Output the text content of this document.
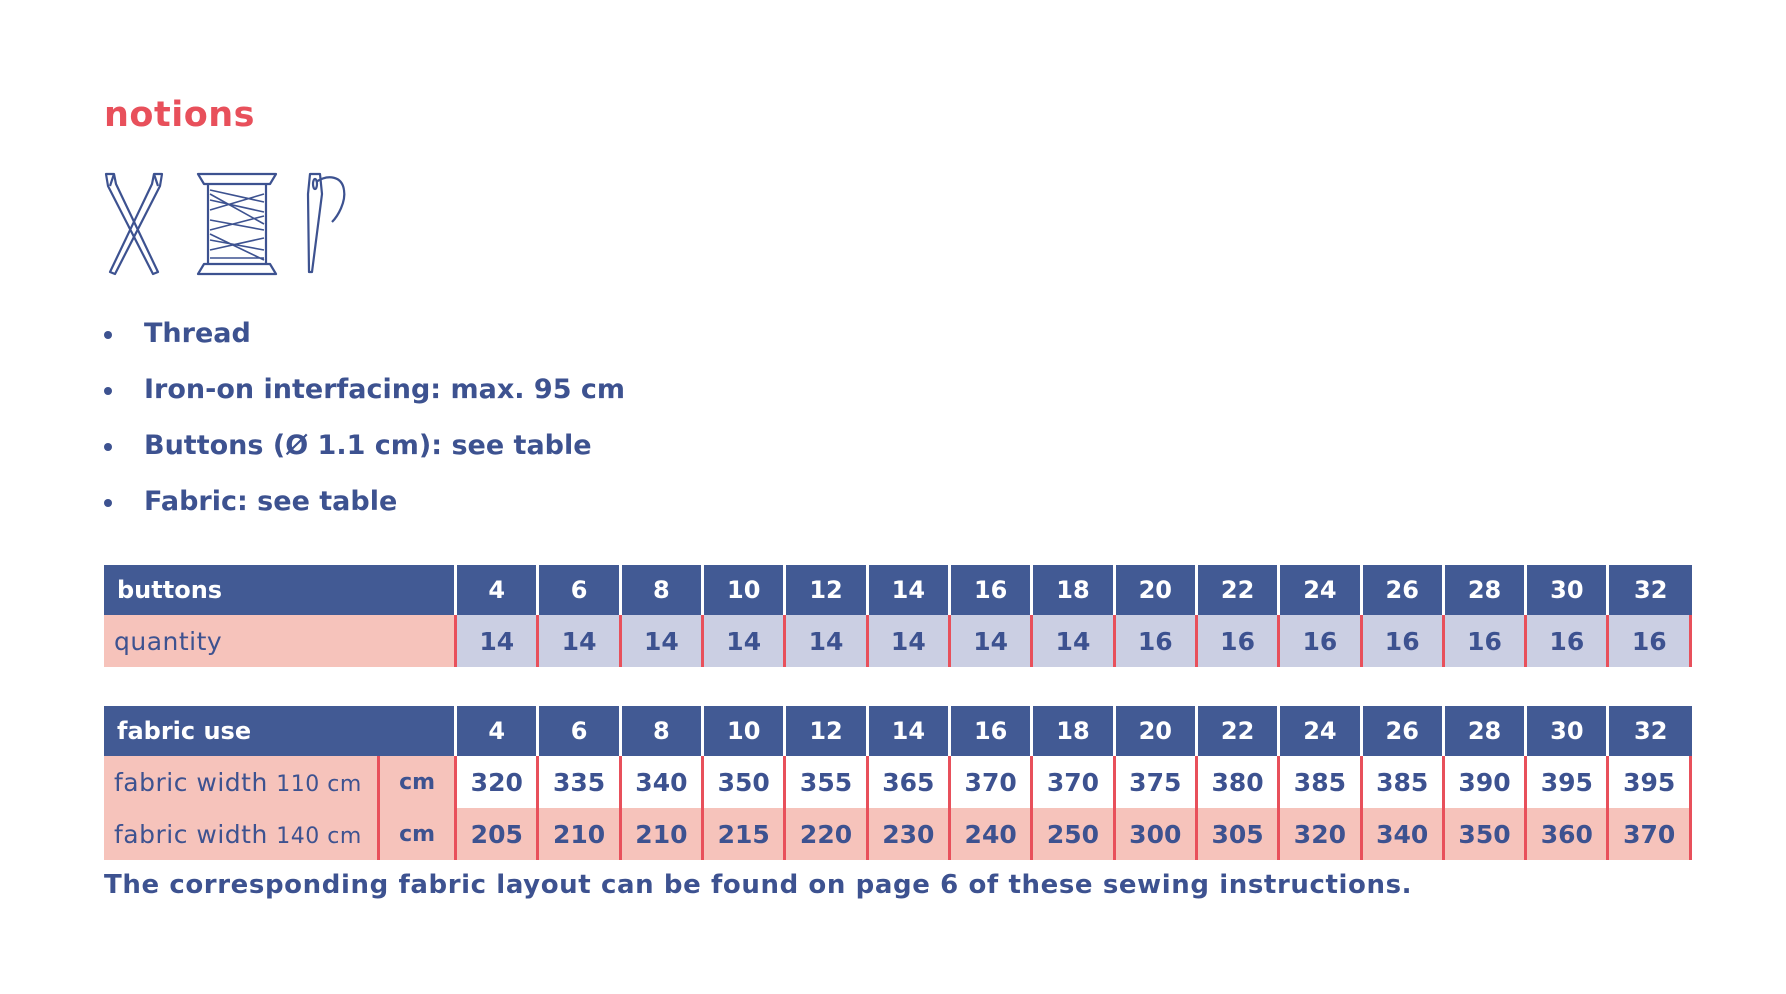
notions
Thread
Iron-on interfacing: max. 95 cm
Buttons (Ø 1.1 cm): see table
Fabric: see table
buttons	4	6	8	10	12	14	16	18	20	22	24	26	28	30	32
quantity	14	14	14	14	14	14	14	14	16	16	16	16	16	16	16
fabric use		4	6	8	10	12	14	16	18	20	22	24	26	28	30	32
fabric width 110 cm	cm	320	335	340	350	355	365	370	370	375	380	385	385	390	395	395
fabric width 140 cm	cm	205	210	210	215	220	230	240	250	300	305	320	340	350	360	370

The corresponding fabric layout can be found on page 6 of these sewing instructions.
